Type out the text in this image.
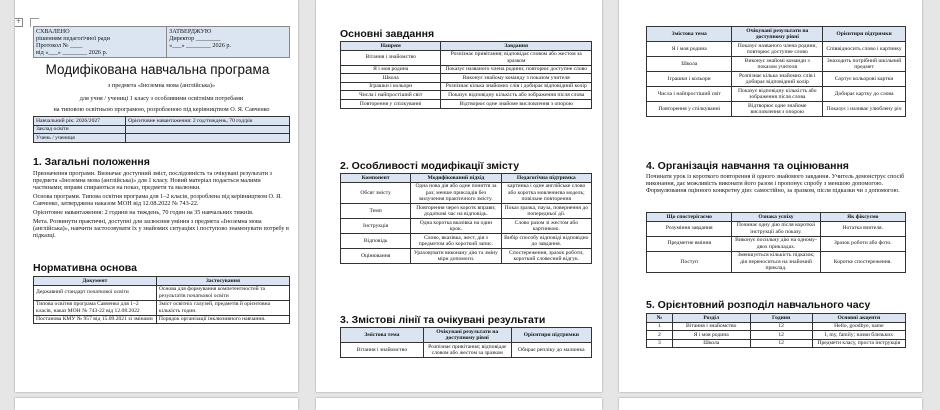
+
СХВАЛЕНО
рішенням педагогічної ради
Протокол № ____
від «___» ________ 2026 р.

ЗАТВЕРДЖУЮ
Директор ________
«___» ________ 2026 р.
Модифікована навчальна програма
з предмета «Іноземна мова (англійська)»
для учня / учениці 1 класу з особливими освітніми потребами
на типовою освітньою програмою, розробленою під керівництвом О. Я. Савченко
Навчальний рік: 2026/2027	Орієнтовне навантаження: 2 год/тиждень, 70 год/рік
Заклад освіти	
Учень / учениця	
1. Загальні положення
Призначення програми. Визначає доступний зміст, послідовність та очікувані результати з предмета «Іноземна мова (англійська)» для 1 класу. Новий матеріал подається малими частинами; вправи спираються на показ, предмети та малюнки.
Основа програми. Типова освітня програма для 1–2 класів, розроблена під керівництвом О. Я. Савченко, затверджена наказом МОН від 12.08.2022 № 743-22.
Орієнтовне навантаження: 2 години на тиждень, 70 годин на 35 навчальних тижнів.
Мета. Розвинути практичні, доступні для засвоєння уміння з предмета «Іноземна мова (англійська)», навчити застосовувати їх у знайомих ситуаціях і поступово знаменувати потребу в підказці.
Нормативна основа
Документ	Застосування
Державний стандарт початкової освіти	Основа для формування компетентностей та результатів початкової освіти
Типова освітня програма Савченко для 1–2 класів, наказ МОН № 743-22 від 12.08.2022	Зміст освітніх галузей, предметів й орієнтовна кількість годин.
Постанова КМУ № 957 від 15.09.2021 зі змінами	Порядок організації інклюзивного навчання.
Основні завдання
Напрям	Завдання
Вітання і знайомство	Розпізнає привітання; відповідає словом або жестом за зразком
Я і моя родина	Показує названого члена родини; повторює доступне слово
Школа	Виконує знайому команду з показом учителя
Іграшки і кольори	Розпізнає кілька знайомих слів і добирає відповідний колір
Числа і найпростіший світ	Показує відповідну кількість або зображення після слова
Повторення у спілкуванні	Відтворює одне знайоме висловлення з опорою
2. Особливості модифікації змісту
Компонент	Модифікований підхід	Педагогічна підтримка
Обсяг змісту	Одна нова дія або одне поняття за раз; менше прикладів без вилучення практичного змісту.	картинка і одне англійське слово або коротка мовленнєва модель; повільне повторення
Темп	Повторення через коротк вправи; додаткові час на відповідь.	Показ зразка, пауза, повернення до попередньої дії.
Інструкція	Одна коротка вказівка на один крок.	Слово разом зі жестом або картинкою.
Відповідь	Слово, вказівка, жест, дія з предметом або короткий запис.	Вибір способу відповіді відповідно до завдання.
Оцінювання	Ураховувати виконану дію та зміну міри допомоги.	Спостереження, зразок роботи, короткий словесний відгук.
3. Змістові лінії та очікувані результати
Змістова тема	Очікувані результати на доступному рівні	Орієнтири підтримки
Вітання і знайомство	Розпізнає привітання; відповідає словом або жестом за зразком	Обирає репліку до малюнка
Змістова тема	Очікувані результати на доступному рівні	Орієнтири підтримки
Я і моя родина	Показує названого члена родини, повторює доступне слово	Співвідносить слово і картинку
Школа	Виконує знайомі команди з показом учителя	Знаходить потрібний шкільний предмет
Іграшки і кольори	Розпізнає кілька знайомих слів і добирає відповідний колір	Сортує кольорові картки
Числа і найпростіший світ	Показує відповідну кількість або зображення після слова	Добирає картку до слова
Повторення у спілкуванні	Відтворює одне знайоме висловлення з опорою	Показує і називає улюблену річ
4. Організація навчання та оцінювання
Починати урок із короткого повторення й одного знайомого завдання. Учитель демонструє спосіб виконання, дає можливість виконати його разом і пропонує спробу з меншою допомогою. Формулювання оцінного конкретну дію: самостійно, за зразком, після підказки чи з допомогою.
Що спостерігаємо	Ознака успіху	Як фіксуємо
Розуміння завдання	Починає одну дію після короткої інструкції або показу.	Нотатка вчителя.
Предметне вміння	Виконує посильну дію на одному-двох прикладах.	Зразок роботи або фото.
Поступ	Зменшується кількість підказок; дія переноситься на знайомий приклад.	Коротке спостереження.
5. Орієнтовний розподіл навчального часу
№	Розділ	Години	Основні акценти
1	Вітання і знайомство	12	Hello, goodbye, name
2	Я і моя родина	12	I, my, family; назви близьких
3	Школа	12	Предмети класу, проста інструкція
